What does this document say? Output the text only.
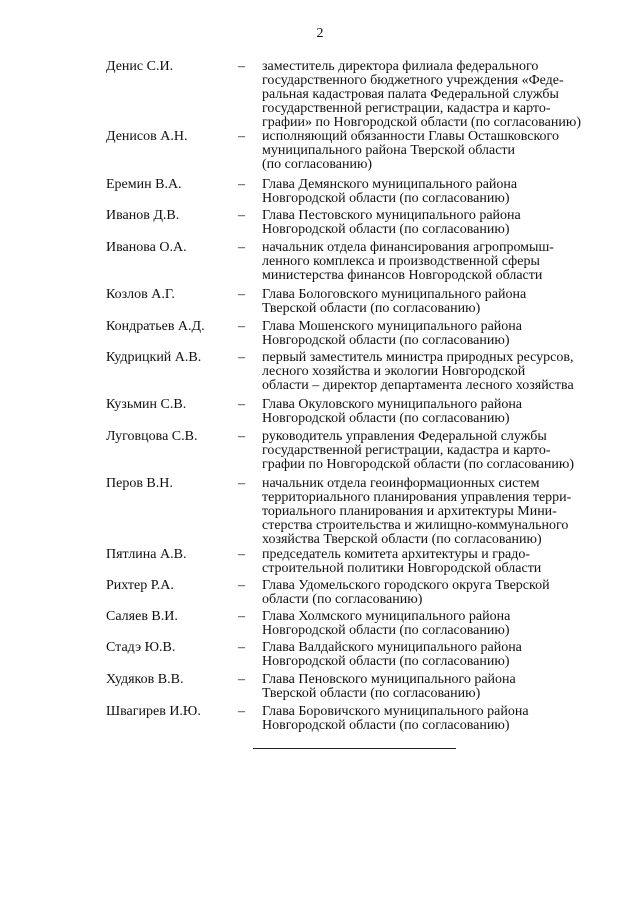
2
Денис С.И.	– заместитель директора филиала федерального
государственного бюджетного учреждения «Феде-
ральная кадастровая палата Федеральной службы
государственной регистрации, кадастра и карто-
графии» по Новгородской области (по согласованию)
Денисов А.Н.	– исполняющий обязанности Главы Осташковского
муниципального района Тверской области
(по согласованию)
Еремин В.А.	– Глава Демянского муниципального района
Новгородской области (по согласованию)
Иванов Д.В.	– Глава Пестовского муниципального района
Новгородской области (по согласованию)
Иванова О.А.	– начальник отдела финансирования агропромыш-
ленного комплекса и производственной сферы
министерства финансов Новгородской области
Козлов А.Г.	– Глава Бологовского муниципального района
Тверской области (по согласованию)
Кондратьев А.Д. – Глава Мошенского муниципального района
Новгородской области (по согласованию)
Кудрицкий А.В.	– первый заместитель министра природных ресурсов,
лесного хозяйства и экологии Новгородской
области – директор департамента лесного хозяйства
Кузьмин С.В.	– Глава Окуловского муниципального района
Новгородской области (по согласованию)
Луговцова С.В.	– руководитель управления Федеральной службы
государственной регистрации, кадастра и карто-
графии по Новгородской области (по согласованию)
Перов В.Н.	– начальник отдела геоинформационных систем
территориального планирования управления терри-
ториального планирования и архитектуры Мини-
стерства строительства и жилищно-коммунального
хозяйства Тверской области (по согласованию)
Пятлина А.В.	– председатель комитета архитектуры и градо-
строительной политики Новгородской области
Рихтер Р.А.	– Глава Удомельского городского округа Тверской
области (по согласованию)
Саляев В.И.	– Глава Холмского муниципального района
Новгородской области (по согласованию)
Стадэ Ю.В.	– Глава Валдайского муниципального района
Новгородской области (по согласованию)
Худяков В.В.	– Глава Пеновского муниципального района
Тверской области (по согласованию)
Швагирев И.Ю.	– Глава Боровичского муниципального района
Новгородской области (по согласованию)
